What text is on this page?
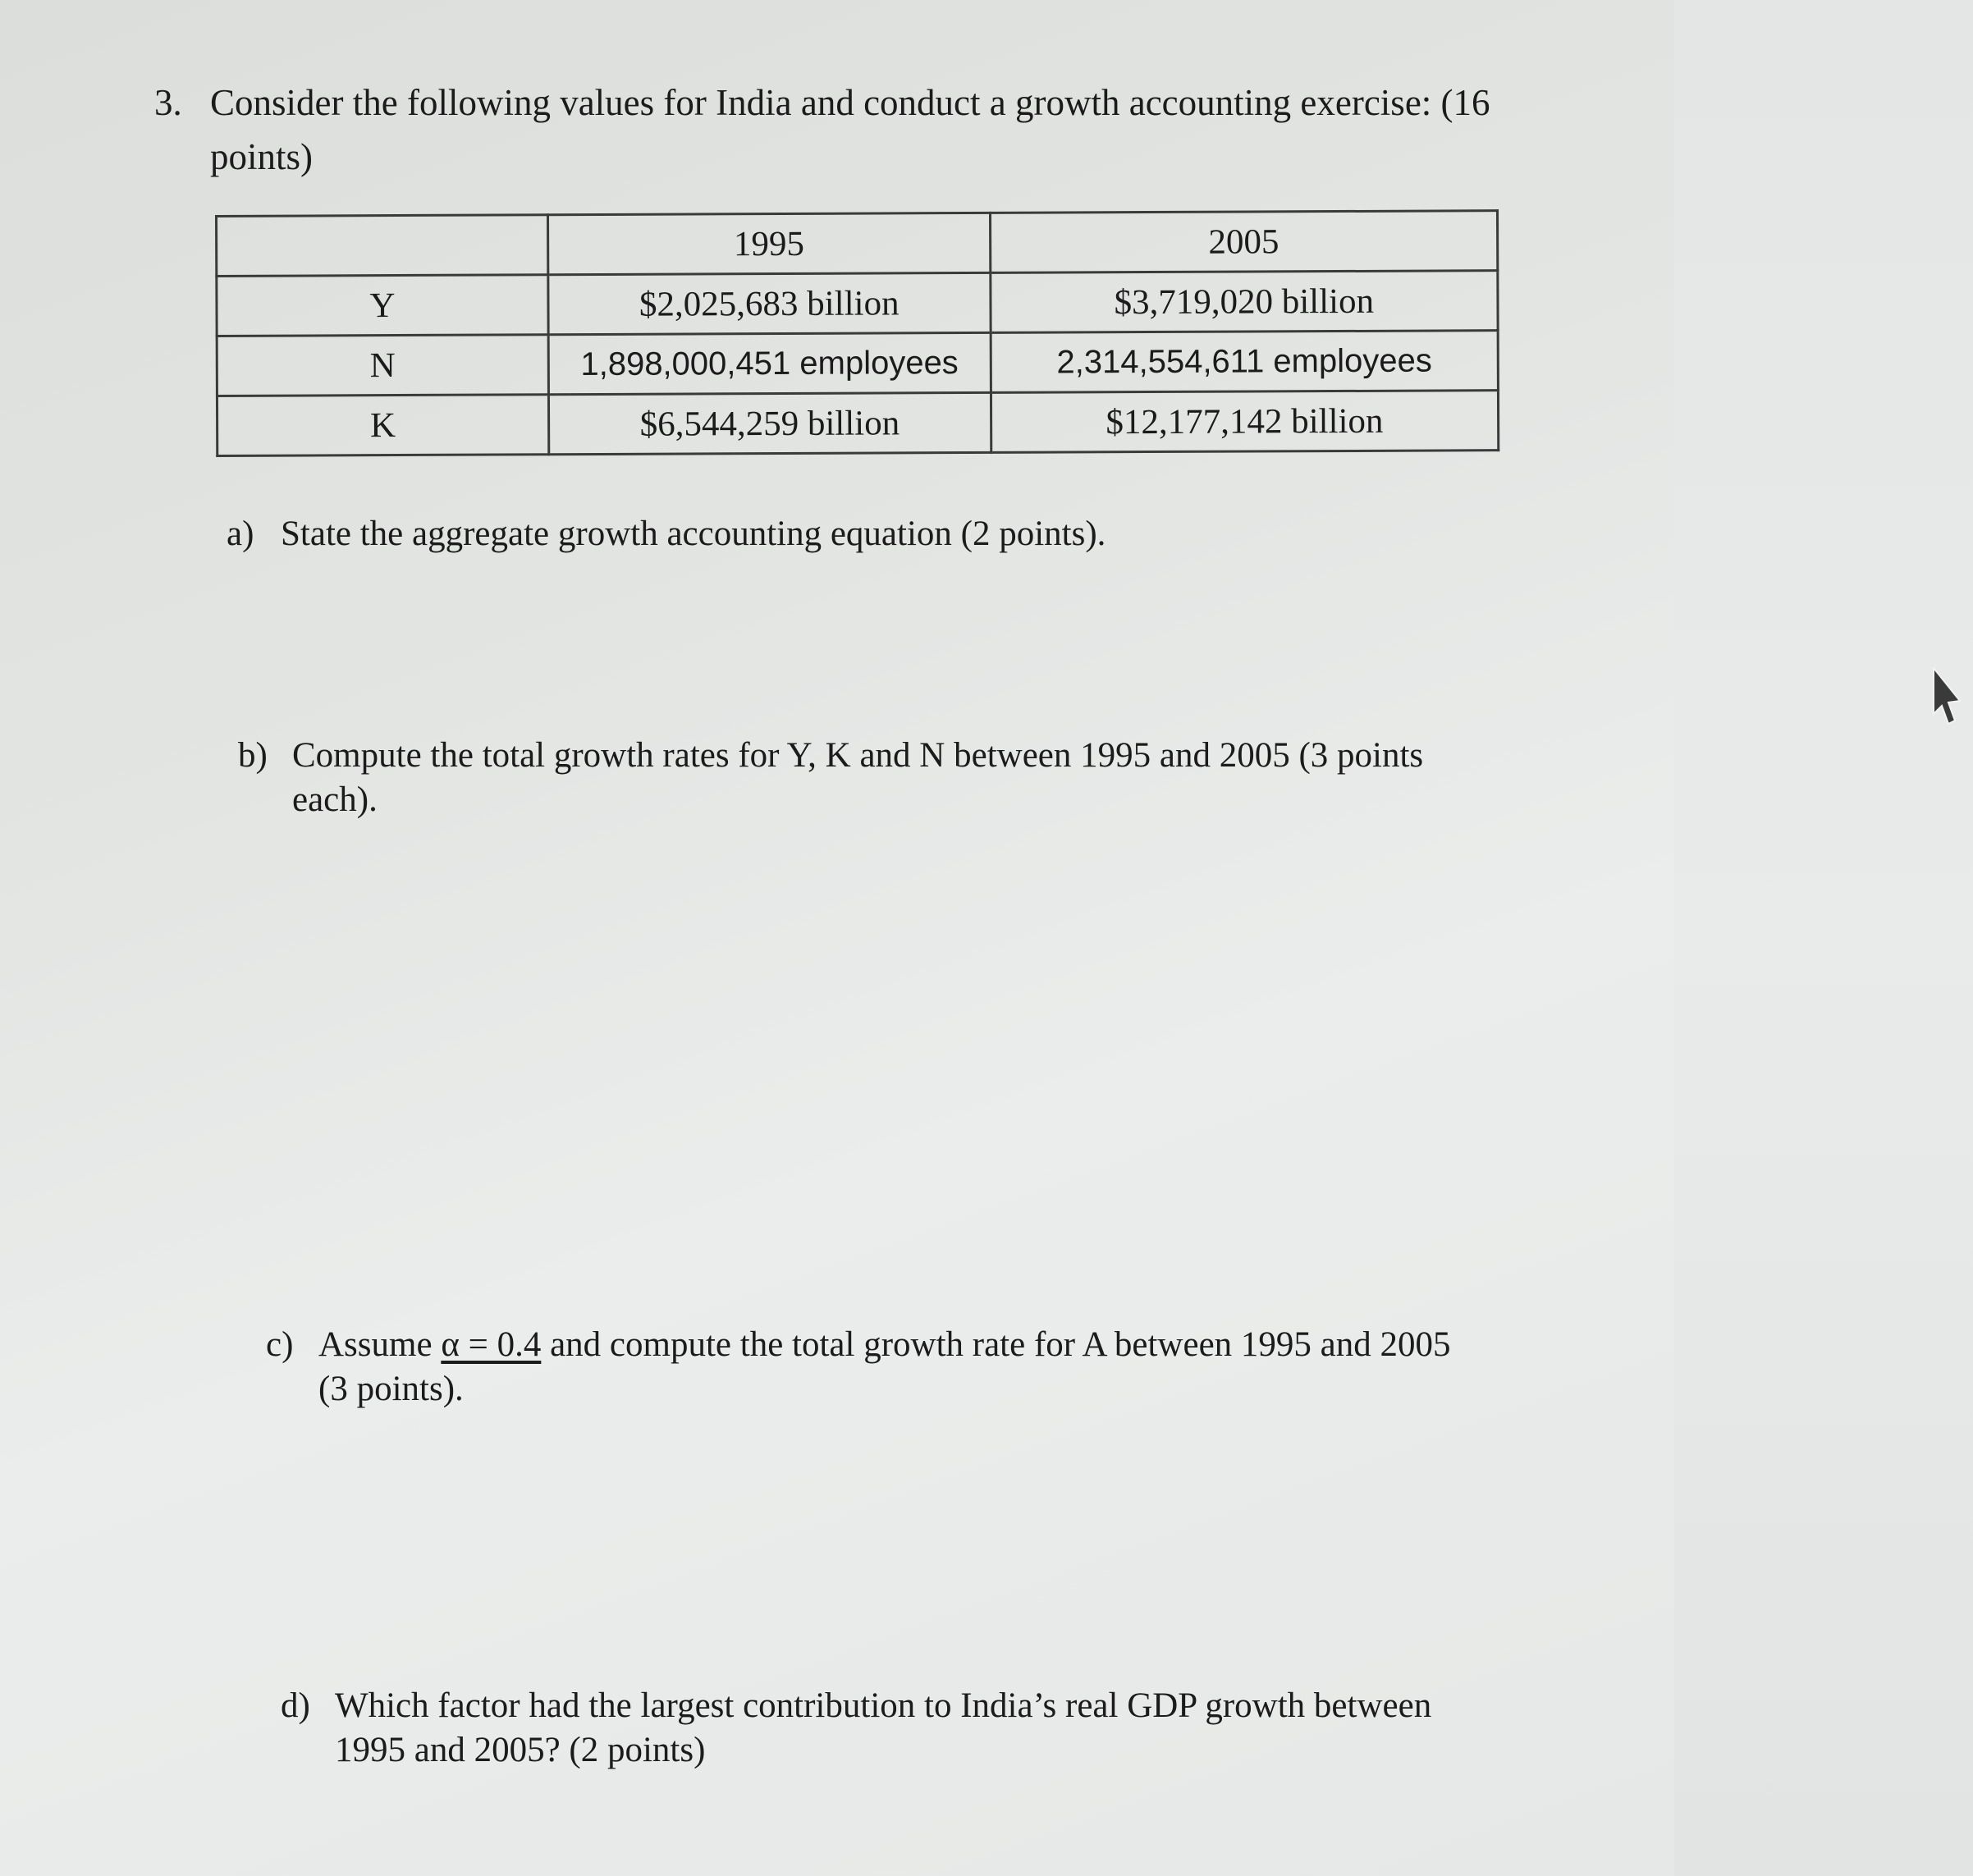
3. Consider the following values for India and conduct a growth accounting exercise: (16 points)
	1995	2005
Y	$2,025,683 billion	$3,719,020 billion
N	1,898,000,451 employees	2,314,554,611 employees
K	$6,544,259 billion	$12,177,142 billion
a) State the aggregate growth accounting equation (2 points).
b) Compute the total growth rates for Y, K and N between 1995 and 2005 (3 points each).
c) Assume α = 0.4 and compute the total growth rate for A between 1995 and 2005 (3 points).
d) Which factor had the largest contribution to India’s real GDP growth between 1995 and 2005? (2 points)
